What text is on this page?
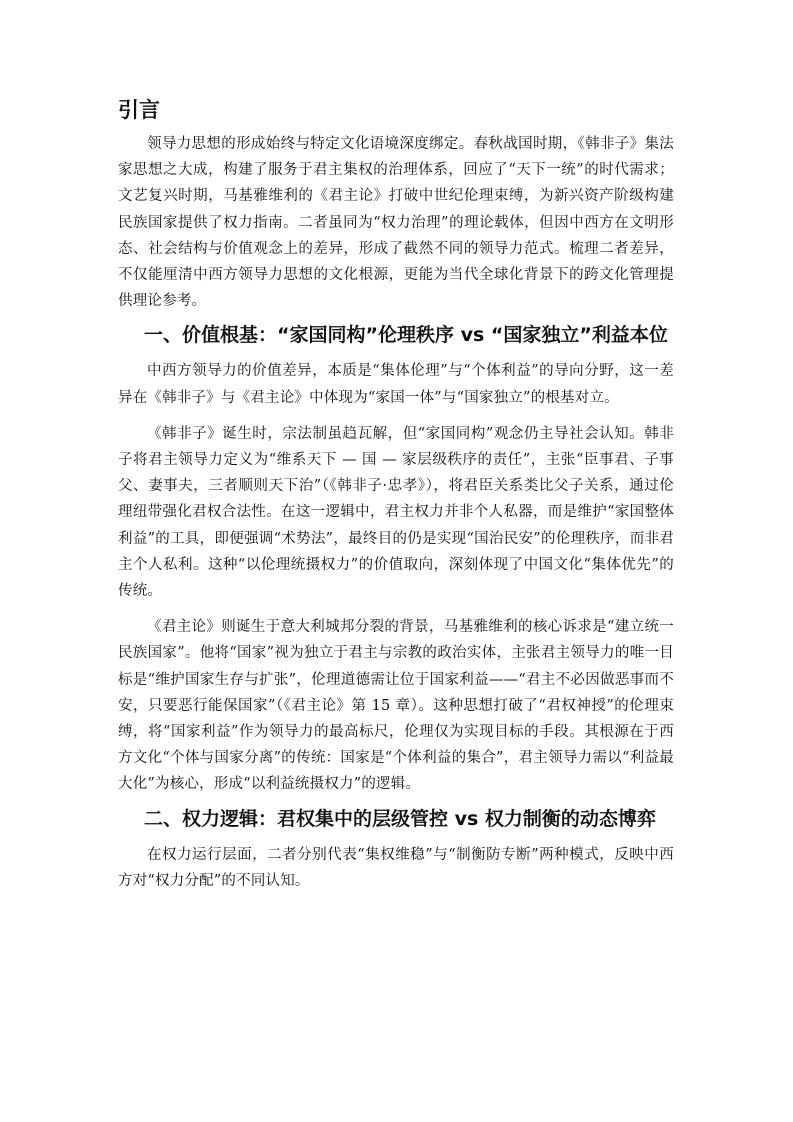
引言

领导力思想的形成始终与特定文化语境深度绑定。春秋战国时期，《韩非子》集法家思想之大成，构建了服务于君主集权的治理体系，回应了“天下一统”的时代需求；文艺复兴时期，马基雅维利的《君主论》打破中世纪伦理束缚，为新兴资产阶级构建民族国家提供了权力指南。二者虽同为“权力治理”的理论载体，但因中西方在文明形态、社会结构与价值观念上的差异，形成了截然不同的领导力范式。梳理二者差异，不仅能厘清中西方领导力思想的文化根源，更能为当代全球化背景下的跨文化管理提供理论参考。

一、价值根基：“家国同构”伦理秩序 vs “国家独立”利益本位

中西方领导力的价值差异，本质是“集体伦理”与“个体利益”的导向分野，这一差异在《韩非子》与《君主论》中体现为“家国一体”与“国家独立”的根基对立。

《韩非子》诞生时，宗法制虽趋瓦解，但“家国同构”观念仍主导社会认知。韩非子将君主领导力定义为“维系天下 — 国 — 家层级秩序的责任”，主张“臣事君、子事父、妻事夫，三者顺则天下治”（《韩非子·忠孝》），将君臣关系类比父子关系，通过伦理纽带强化君权合法性。在这一逻辑中，君主权力并非个人私器，而是维护“家国整体利益”的工具，即便强调“术势法”，最终目的仍是实现“国治民安”的伦理秩序，而非君主个人私利。这种“以伦理统摄权力”的价值取向，深刻体现了中国文化“集体优先”的传统。

《君主论》则诞生于意大利城邦分裂的背景，马基雅维利的核心诉求是“建立统一民族国家”。他将“国家”视为独立于君主与宗教的政治实体，主张君主领导力的唯一目标是“维护国家生存与扩张”，伦理道德需让位于国家利益——“君主不必因做恶事而不安，只要恶行能保国家”（《君主论》第 15 章）。这种思想打破了“君权神授”的伦理束缚，将“国家利益”作为领导力的最高标尺，伦理仅为实现目标的手段。其根源在于西方文化“个体与国家分离”的传统：国家是“个体利益的集合”，君主领导力需以“利益最大化”为核心，形成“以利益统摄权力”的逻辑。

二、权力逻辑：君权集中的层级管控 vs 权力制衡的动态博弈

在权力运行层面，二者分别代表“集权维稳”与“制衡防专断”两种模式，反映中西方对“权力分配”的不同认知。
